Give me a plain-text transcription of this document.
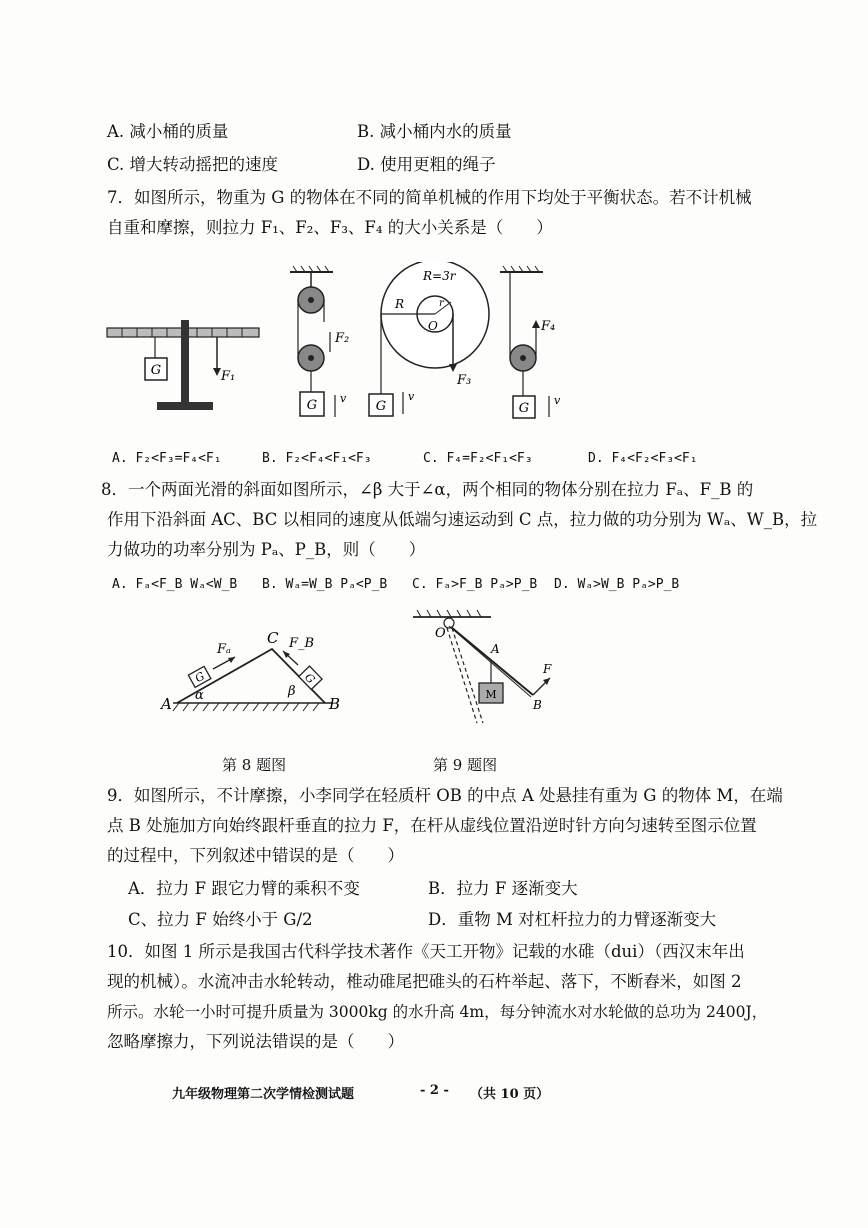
A. 减小桶的质量	B. 减小桶内水的质量
C. 增大转动摇把的速度	D. 使用更粗的绳子
7．如图所示，物重为 G 的物体在不同的简单机械的作用下均处于平衡状态。若不计机械
自重和摩擦，则拉力 F₁、F₂、F₃、F₄ 的大小关系是（　　）
G	F₁
G
F₂
v
R=3r
R	r
O
G
F₃
v
F₄
G
v
A. F₂<F₃=F₄<F₁	B. F₂<F₄<F₁<F₃	C. F₄=F₂<F₁<F₃	D. F₄<F₂<F₃<F₁
8．一个两面光滑的斜面如图所示，∠β 大于∠α，两个相同的物体分别在拉力 Fₐ、F_B 的
作用下沿斜面 AC、BC 以相同的速度从低端匀速运动到 C 点，拉力做的功分别为 Wₐ、W_B，拉
力做功的功率分别为 Pₐ、P_B，则（　　）
A. Fₐ<F_B Wₐ<W_B B. Wₐ=W_B Pₐ<P_B C. Fₐ>F_B Pₐ>P_B D. Wₐ>W_B Pₐ>P_B
G	G
Fₐ	F_B
C
A	B
α	β
第 8 题图
O
A
M
F
B
第 9 题图
9．如图所示，不计摩擦，小李同学在轻质杆 OB 的中点 A 处悬挂有重为 G 的物体 M，在端
点 B 处施加方向始终跟杆垂直的拉力 F，在杆从虚线位置沿逆时针方向匀速转至图示位置
的过程中，下列叙述中错误的是（　　）
A．拉力 F 跟它力臂的乘积不变	B．拉力 F 逐渐变大
C、拉力 F 始终小于 G/2	D．重物 M 对杠杆拉力的力臂逐渐变大
10．如图 1 所示是我国古代科学技术著作《天工开物》记载的水碓（dui）（西汉末年出
现的机械）。水流冲击水轮转动，椎动碓尾把碓头的石杵举起、落下，不断舂米，如图 2
所示。水轮一小时可提升质量为 3000kg 的水升高 4m，每分钟流水对水轮做的总功为 2400J，
忽略摩擦力，下列说法错误的是（　　）
九年级物理第二次学情检测试题	- 2 - （共 10 页）
